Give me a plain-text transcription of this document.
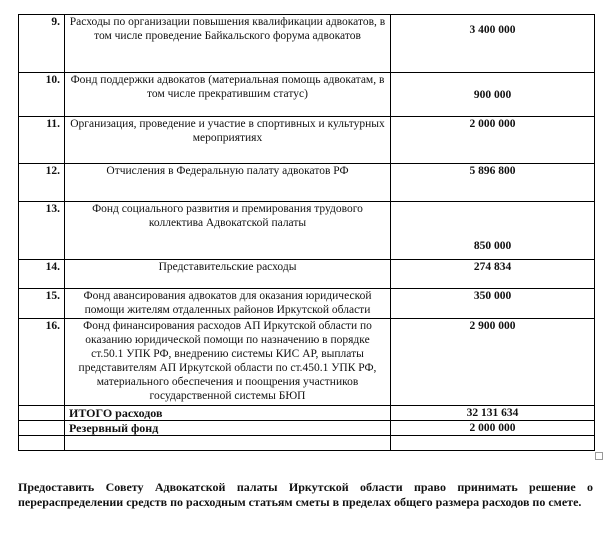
9.	Расходы по организации повышения квалификации адвокатов, в том числе проведение Байкальского форума адвокатов	3 400 000
10.	Фонд поддержки адвокатов (материальная помощь адвокатам, в том числе прекратившим статус)	900 000
11.	Организация, проведение и участие в спортивных и культурных мероприятиях	2 000 000
12.	Отчисления в Федеральную палату адвокатов РФ	5 896 800
13.	Фонд социального развития и премирования трудового коллектива Адвокатской палаты	850 000
14.	Представительские расходы	274 834
15.	Фонд авансирования адвокатов для оказания юридической помощи жителям отдаленных районов Иркутской области	350 000
16.	Фонд финансирования расходов АП Иркутской области по оказанию юридической помощи по назначению в порядке ст.50.1 УПК РФ, внедрению системы КИС АР, выплаты представителям АП Иркутской области по ст.450.1 УПК РФ, материального обеспечения и поощрения участников государственной системы БЮП	2 900 000
	ИТОГО расходов	32 131 634
	Резервный фонд	2 000 000

Предоставить Совету Адвокатской палаты Иркутской области право принимать решение о перераспределении средств по расходным статьям сметы в пределах общего размера расходов по смете.
